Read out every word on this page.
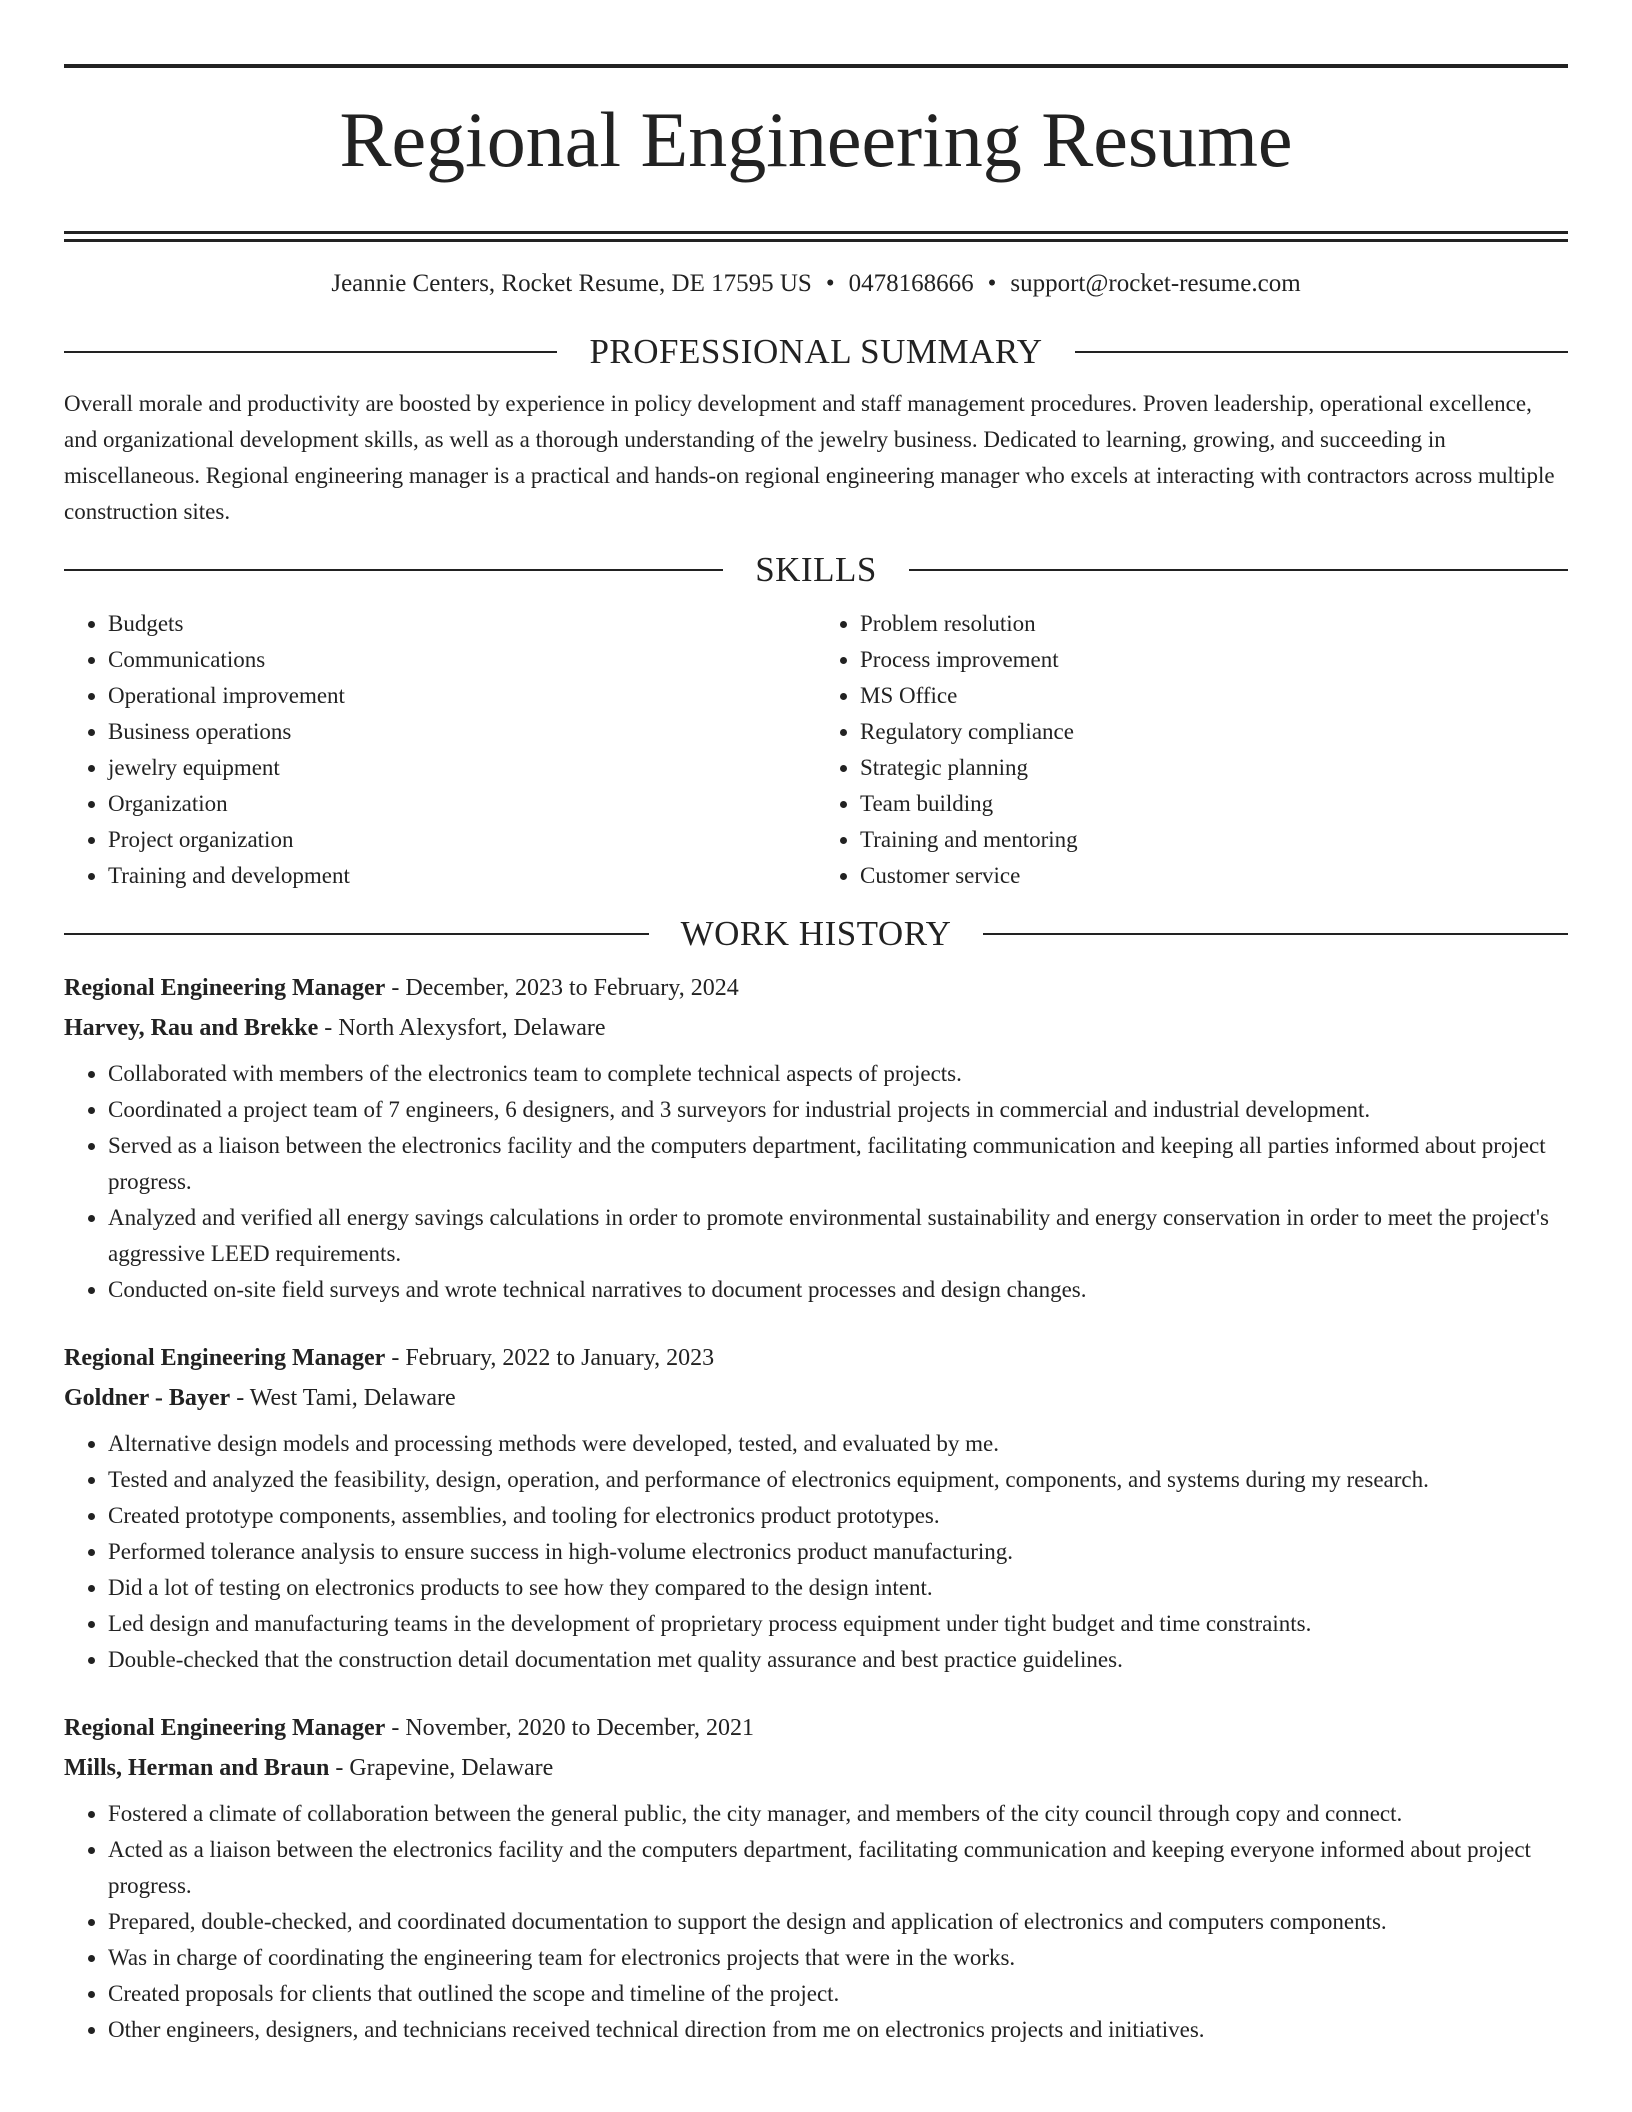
Regional Engineering Resume
Jeannie Centers, Rocket Resume, DE 17595 US • 0478168666 • support@rocket-resume.com
PROFESSIONAL SUMMARY

Overall morale and productivity are boosted by experience in policy development and staff management procedures. Proven leadership, operational excellence, and organizational development skills, as well as a thorough understanding of the jewelry business. Dedicated to learning, growing, and succeeding in miscellaneous. Regional engineering manager is a practical and hands-on regional engineering manager who excels at interacting with contractors across multiple construction sites.

SKILLS
• Budgets
• Communications
• Operational improvement
• Business operations
• jewelry equipment
• Organization
• Project organization
• Training and development
• Problem resolution
• Process improvement
• MS Office
• Regulatory compliance
• Strategic planning
• Team building
• Training and mentoring
• Customer service
WORK HISTORY
Regional Engineering Manager - December, 2023 to February, 2024
Harvey, Rau and Brekke - North Alexysfort, Delaware
• Collaborated with members of the electronics team to complete technical aspects of projects.
• Coordinated a project team of 7 engineers, 6 designers, and 3 surveyors for industrial projects in commercial and industrial development.
• Served as a liaison between the electronics facility and the computers department, facilitating communication and keeping all parties informed about project progress.
• Analyzed and verified all energy savings calculations in order to promote environmental sustainability and energy conservation in order to meet the project's aggressive LEED requirements.
• Conducted on-site field surveys and wrote technical narratives to document processes and design changes.
Regional Engineering Manager - February, 2022 to January, 2023
Goldner - Bayer - West Tami, Delaware
• Alternative design models and processing methods were developed, tested, and evaluated by me.
• Tested and analyzed the feasibility, design, operation, and performance of electronics equipment, components, and systems during my research.
• Created prototype components, assemblies, and tooling for electronics product prototypes.
• Performed tolerance analysis to ensure success in high-volume electronics product manufacturing.
• Did a lot of testing on electronics products to see how they compared to the design intent.
• Led design and manufacturing teams in the development of proprietary process equipment under tight budget and time constraints.
• Double-checked that the construction detail documentation met quality assurance and best practice guidelines.
Regional Engineering Manager - November, 2020 to December, 2021
Mills, Herman and Braun - Grapevine, Delaware
• Fostered a climate of collaboration between the general public, the city manager, and members of the city council through copy and connect.
• Acted as a liaison between the electronics facility and the computers department, facilitating communication and keeping everyone informed about project progress.
• Prepared, double-checked, and coordinated documentation to support the design and application of electronics and computers components.
• Was in charge of coordinating the engineering team for electronics projects that were in the works.
• Created proposals for clients that outlined the scope and timeline of the project.
• Other engineers, designers, and technicians received technical direction from me on electronics projects and initiatives.
